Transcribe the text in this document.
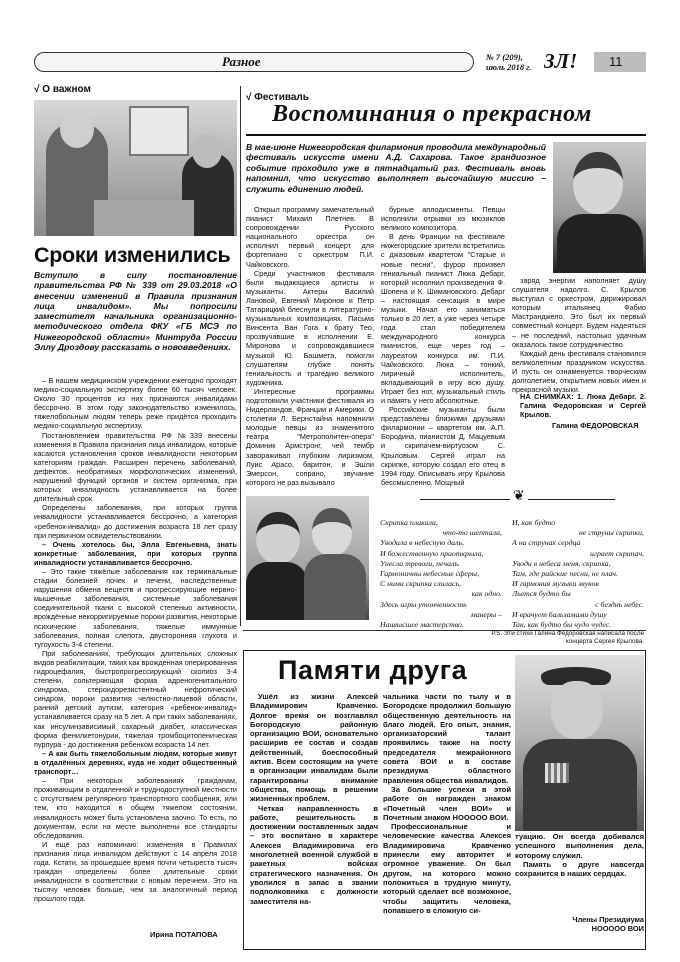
Разное	№ 7 (209),
июль 2018 г. ЗЛ! 11
√ О важном
Сроки изменились
Вступило в силу постановление правительства РФ № 339 от 29.03.2018 «О внесении изменений в Правила признания лица инвалидом». Мы попросили заместителя начальника организационно-методического отдела ФКУ «ГБ МСЭ по Нижегородской области» Минтруда России Эллу Дроздову рассказать о нововведениях.

– В нашем медицинском учреждении ежегодно проходят медико-социальную экспертизу более 60 тысяч человек. Около 30 процентов из них признаются инвалидами бессрочно. В этом году законодательство изменилось, тяжелобольным людям теперь реже придётся проходить медико-социальную экспертизу.

Постановлением правительства РФ №339 внесены изменения в Правила признания лица инвалидом, которые касаются установления сроков инвалидности некоторым категориям граждан. Расширен перечень заболеваний, дефектов, необратимых морфологических изменений, нарушений функций органов и систем организма, при которых инвалидность устанавливается на более длительный срок.

Определены заболевания, при которых группа инвалидности устанавливается бессрочно, а категория «ребенок-инвалид» до достижения возраста 18 лет сразу при первичном освидетельствовании.

– Очень хотелось бы, Элла Евгеньевна, знать конкретные заболевания, при которых группа инвалидности устанавливается бессрочно.

– Это такие тяжёлые заболевания как терминальные стадии болезней почек и печени, наследственные нарушения обмена веществ и прогрессирующие нервно-мышечные заболевания, системные заболевания соединительной ткани с высокой степенью активности, врождённые некорригируемые пороки развития, некоторые психические заболевания, тяжелые иммунные заболевания, полная слепота, двусторонняя глухота и тугоухость 3-4 степени.

При заболеваниях, требующих длительных сложных видов реабилитации, таких как врожденная оперированная гидроцефалия, быстропрогрессирующий сколиоз 3-4 степени, сольтеряющая форма адреногенитального синдрома, стероидорезистентный нефротический синдром, пороки развития челюстно-лицевой области, ранний детский аутизм, категория «ребенок-инвалид» устанавливается сразу на 5 лет. А при таких заболеваниях, как инсулинзависимый сахарный диабет, классическая форма фенилкетонурии, тяжелая тромбоцитопеническая пурпура - до достижения ребенком возраста 14 лет.

– А как быть тяжелобольным людям, которые живут в отдалённых деревнях, куда не ходит общественный транспорт…

– При некоторых заболеваниях гражданам, проживающим в отдаленной и труднодоступной местности с отсутствием регулярного транспортного сообщения, или тем, кто находится в общем тяжелом состоянии, инвалидность может быть установлена заочно. То есть, по документам, если на месте выполнены все стандарты обследования.

И ещё раз напоминаю: изменения в Правилах признания лица инвалидом действуют с 14 апреля 2018 года. Кстати, за прошедшее время почти четыреста тысяч граждан определены более длительные сроки инвалидности в соответствии с новым перечнем. Это на тысячу человек больше, чем за аналогичный период прошлого года.

Ирина ПОТАПОВА
√ Фестиваль
Воспоминания о прекрасном
В мае-июне Нижегородская филармония проводила международный фестиваль искусств имени А.Д. Сахарова. Такое грандиозное событие проходило уже в пятнадцатый раз. Фестиваль вновь напомнил, что искусство выполняет высочайшую миссию – служить единению людей.

Открыл программу замечательный пианист Михаил Плетнев. В сопровождении Русского национального оркестра он исполнил первый концерт для фортепиано с оркестром П.И. Чайковского.

Среди участников фестиваля были выдающиеся артисты и музыканты. Актеры Василий Лановой, Евгений Миронов и Петр Татарицкий блеснули в литературно-музыкальных композициях. Письма Винсента Ван Гога к брату Тео, прозвучавшие в исполнении Е. Миронова и сопровождавшиеся музыкой Ю. Башмета, помогли слушателям глубже понять гениальность и трагедию великого художника.

Интересные программы подготовили участники фестиваля из Нидерландов, Франции и Америки. О столетии Л. Бернстайна напомнили молодые певцы из знаменитого театра "Метрополитен-опера" Доминик Армстронг, чей тембр завораживал глубоким лиризмом, Луис Арасо, баритон, и Эшли Эмерсон, сопрано, звучание которого не раз вызывало

бурные аплодисменты. Певцы исполнили отрывки из мюзиклов великого композитора.

В день Франции на фестивале нижегородские зрители встретились с джазовым квартетом "Старые и новые песни", фурор произвел гениальный пианист Люка Дебарг, который исполнил произведения Ф. Шопена и К. Шимановского. Дебарг – настоящая сенсация в мире музыки. Начал его заниматься только в 20 лет, а уже через четыре года стал победителем международного конкурса пианистов, еще через год – лауреатом конкурса им. П.И. Чайковского. Люка – тонкий, лиричный исполнитель, вкладывающий в игру всю душу. Играет без нот, музыкальный стиль и память у него абсолютные.

Российские музыканты были представлены близкими друзьями филармонии – квартетом им. А.П. Бородина, пианистом Д. Мацуевым и скрипачем-виртуозом С. Крыловым. Сергей играл на скрипке, которую создал его отец в 1994 году. Описывать игру Крылова бессмысленно. Мощный

заряд энергии наполняет душу слушателя надолго. С. Крылов выступал с оркестром, дирижировал которым итальянец Фабио Мастранджело. Это был их первый совместный концерт. Будем надеяться – не последний, настолько удачным оказалось такое сотрудничество.

Каждый день фестиваля становился великолепным праздником искусства. И пусть он ознаменуется творческим долголетием, открытием новых имен и прекрасной музыки.

НА СНИМКАХ: 1. Люка Дебарг. 2. Галина Федоровская и Сергей Крылов.
Галина ФЕДОРОВСКАЯ
❦
Скрипка плакала,
что-то шептала,
Уводила в небесную даль,
И божественную приоткрыла,
Унесла тревоги, печаль.
Гармоничны небесные сферы,
С ними скрипка слилась,
как одно.
Здесь игры утонченность
манеры –
Наивысшее мастерство.
И, как будто
не струны скрипки,
А на струнах сердца
играет скрипач,
Уводи в небеса меня, скрипка,
Там, где райские песни, не плач.
И гармония музыки звуков
Льется будто бы
с безднь небес.
И врачует бальзамами душу
Так, как будто бы чудо чудес.
Р.S. Эти стихи Галина Федоровская написала после концерта Сергея Крылова.
Памяти друга

Ушёл из жизни Алексей Владимирович Кравченко. Долгое время он возглавлял Богородскую районную организацию ВОИ, основательно расширив ее состав и создав действенный, боеспособный актив. Всем состоящим на учете в организации инвалидам были гарантированы внимание общества, помощь в решении жизненных проблем.

Четкая направленность в работе, решительность в достижении поставленных задач – это воспитано в характере Алексея Владимировича его многолетней военной службой в ракетных войсках стратегического назначения. Он уволился в запас в звании подполковника с должности заместителя на-

чальника части по тылу и в Богородске продолжил большую общественную деятельность на благо людей. Его опыт, знания, организаторский талант проявились также на посту председателя межрайонного совета ВОИ и в составе президиума областного правления общества инвалидов.

За большие успехи в этой работе он награжден знаком «Почетный член ВОИ» и Почетным знаком НООООО ВОИ.

Профессиональные и человеческие качества Алексея Владимировича Кравченко принесли ему авторитет и огромное уважение. Он был другом, на которого можно положиться в трудную минуту, который сделает всё возможное, чтобы защитить человека, попавшего в сложную си-

туацию. Он всегда добивался успешного выполнения дела, которому служил.

Память о друге навсегда сохранится в наших сердцах.

Члены Президиума НООООО ВОИ
